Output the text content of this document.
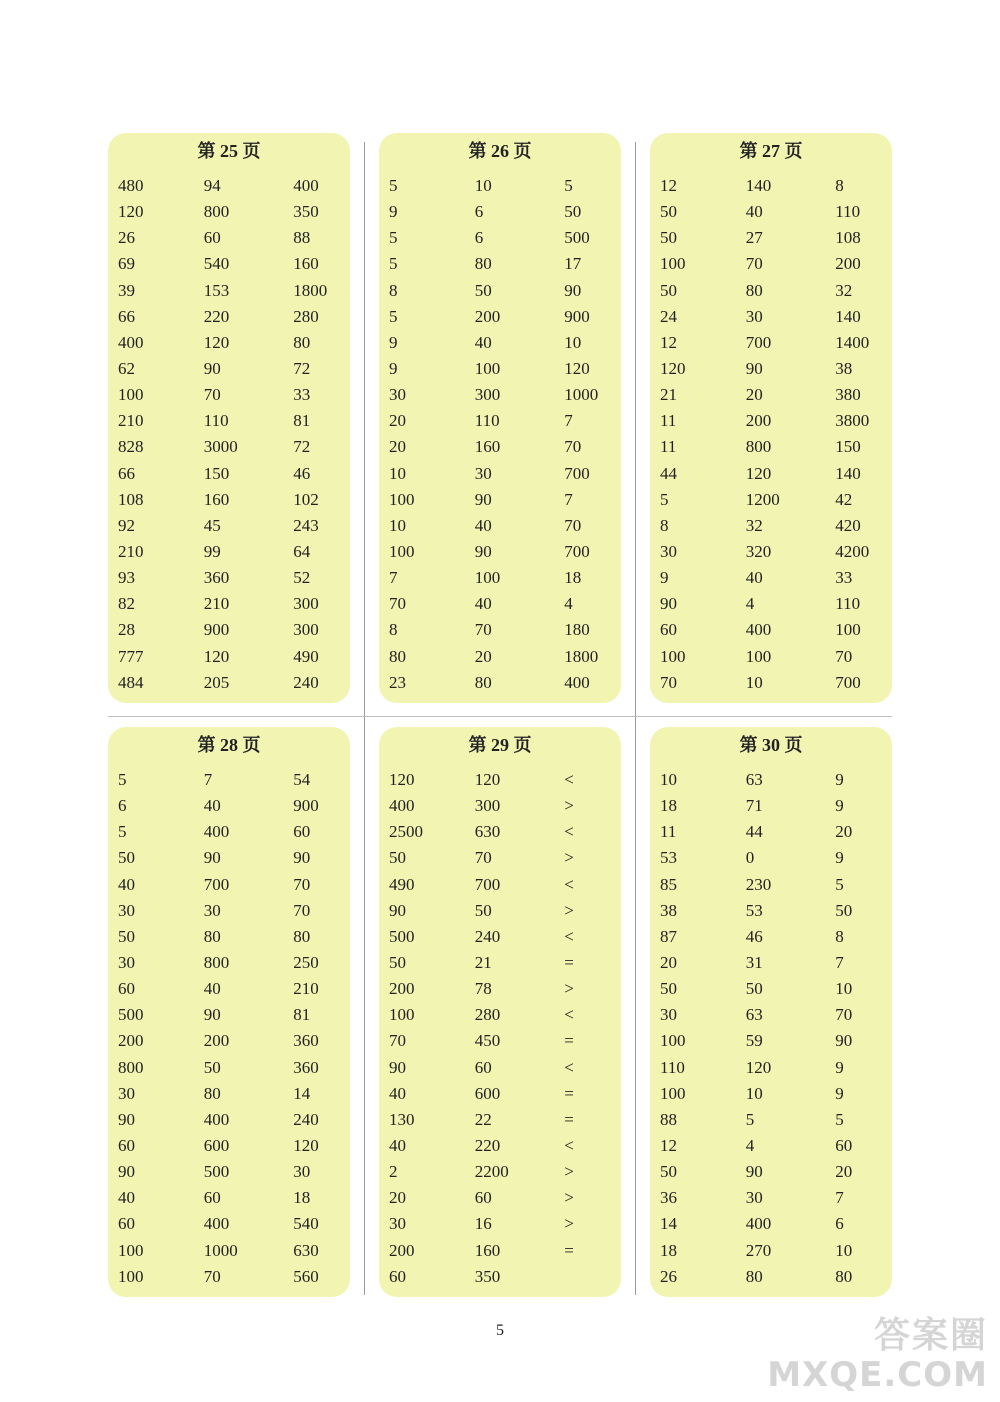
第 25 页
480	94	400
120	800	350
26	60	88
69	540	160
39	153	1800
66	220	280
400	120	80
62	90	72
100	70	33
210	110	81
828	3000	72
66	150	46
108	160	102
92	45	243
210	99	64
93	360	52
82	210	300
28	900	300
777	120	490
484	205	240
第 26 页
5	10	5
9	6	50
5	6	500
5	80	17
8	50	90
5	200	900
9	40	10
9	100	120
30	300	1000
20	110	7
20	160	70
10	30	700
100	90	7
10	40	70
100	90	700
7	100	18
70	40	4
8	70	180
80	20	1800
23	80	400
第 27 页
12	140	8
50	40	110
50	27	108
100	70	200
50	80	32
24	30	140
12	700	1400
120	90	38
21	20	380
11	200	3800
11	800	150
44	120	140
5	1200	42
8	32	420
30	320	4200
9	40	33
90	4	110
60	400	100
100	100	70
70	10	700
第 28 页
5	7	54
6	40	900
5	400	60
50	90	90
40	700	70
30	30	70
50	80	80
30	800	250
60	40	210
500	90	81
200	200	360
800	50	360
30	80	14
90	400	240
60	600	120
90	500	30
40	60	18
60	400	540
100	1000	630
100	70	560
第 29 页
120	120	<
400	300	>
2500	630	<
50	70	>
490	700	<
90	50	>
500	240	<
50	21	=
200	78	>
100	280	<
70	450	=
90	60	<
40	600	=
130	22	=
40	220	<
2	2200	>
20	60	>
30	16	>
200	160	=
60	350
第 30 页
10	63	9
18	71	9
11	44	20
53	0	9
85	230	5
38	53	50
87	46	8
20	31	7
50	50	10
30	63	70
100	59	90
110	120	9
100	10	9
88	5	5
12	4	60
50	90	20
36	30	7
14	400	6
18	270	10
26	80	80
5	答案圈
MXQE.COM
